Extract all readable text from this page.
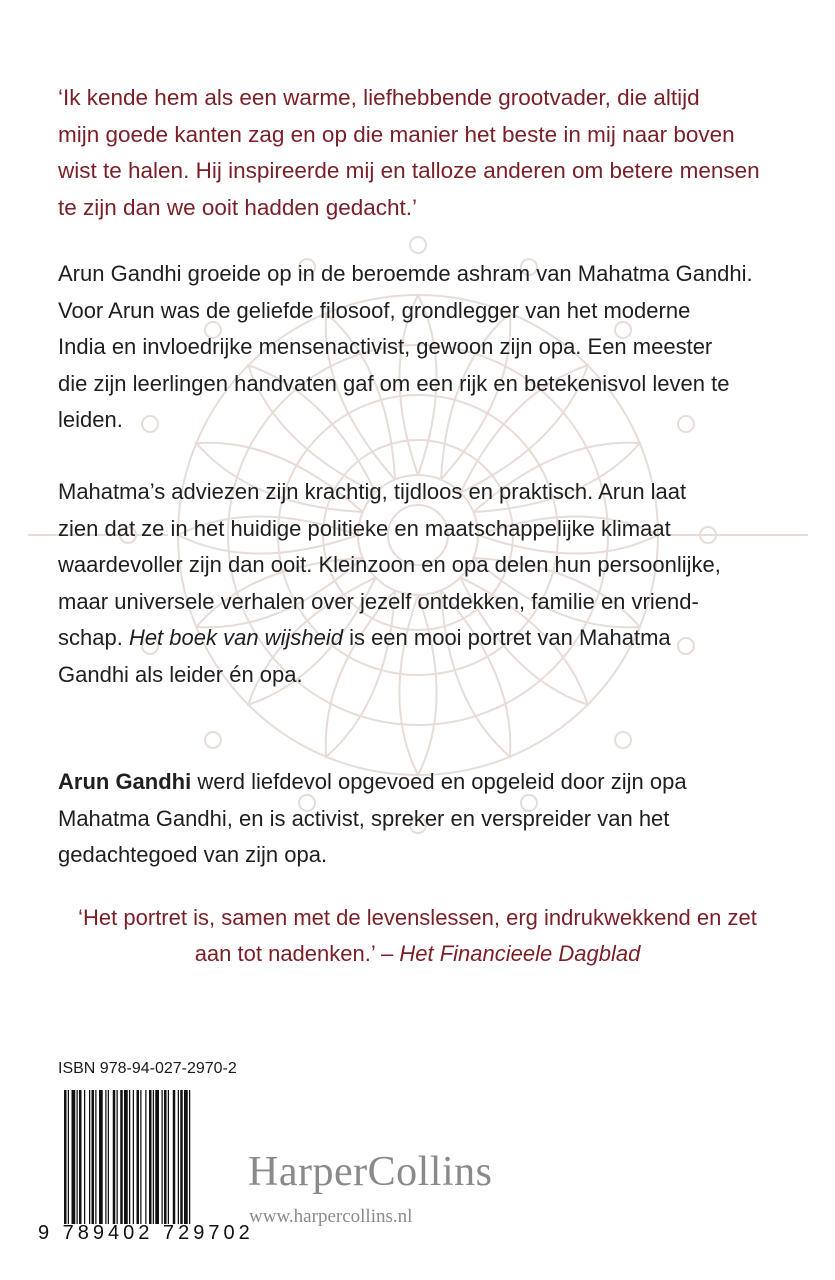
‘Ik kende hem als een warme, liefhebbende grootvader, die altijd
mijn goede kanten zag en op die manier het beste in mij naar boven
wist te halen. Hij inspireerde mij en talloze anderen om betere mensen
te zijn dan we ooit hadden gedacht.’
Arun Gandhi groeide op in de beroemde ashram van Mahatma Gandhi.
Voor Arun was de geliefde filosoof, grondlegger van het moderne
India en invloedrijke mensenactivist, gewoon zijn opa. Een meester
die zijn leerlingen handvaten gaf om een rijk en betekenisvol leven te
leiden.
Mahatma’s adviezen zijn krachtig, tijdloos en praktisch. Arun laat
zien dat ze in het huidige politieke en maatschappelijke klimaat
waardevoller zijn dan ooit. Kleinzoon en opa delen hun persoonlijke,
maar universele verhalen over jezelf ontdekken, familie en vriend-
schap. Het boek van wijsheid is een mooi portret van Mahatma
Gandhi als leider én opa.
Arun Gandhi werd liefdevol opgevoed en opgeleid door zijn opa
Mahatma Gandhi, en is activist, spreker en verspreider van het
gedachtegoed van zijn opa.
‘Het portret is, samen met de levenslessen, erg indrukwekkend en zet
aan tot nadenken.’ – Het Financieele Dagblad
ISBN 978-94-027-2970-2
9 789402 729702
HarperCollins
www.harpercollins.nl
